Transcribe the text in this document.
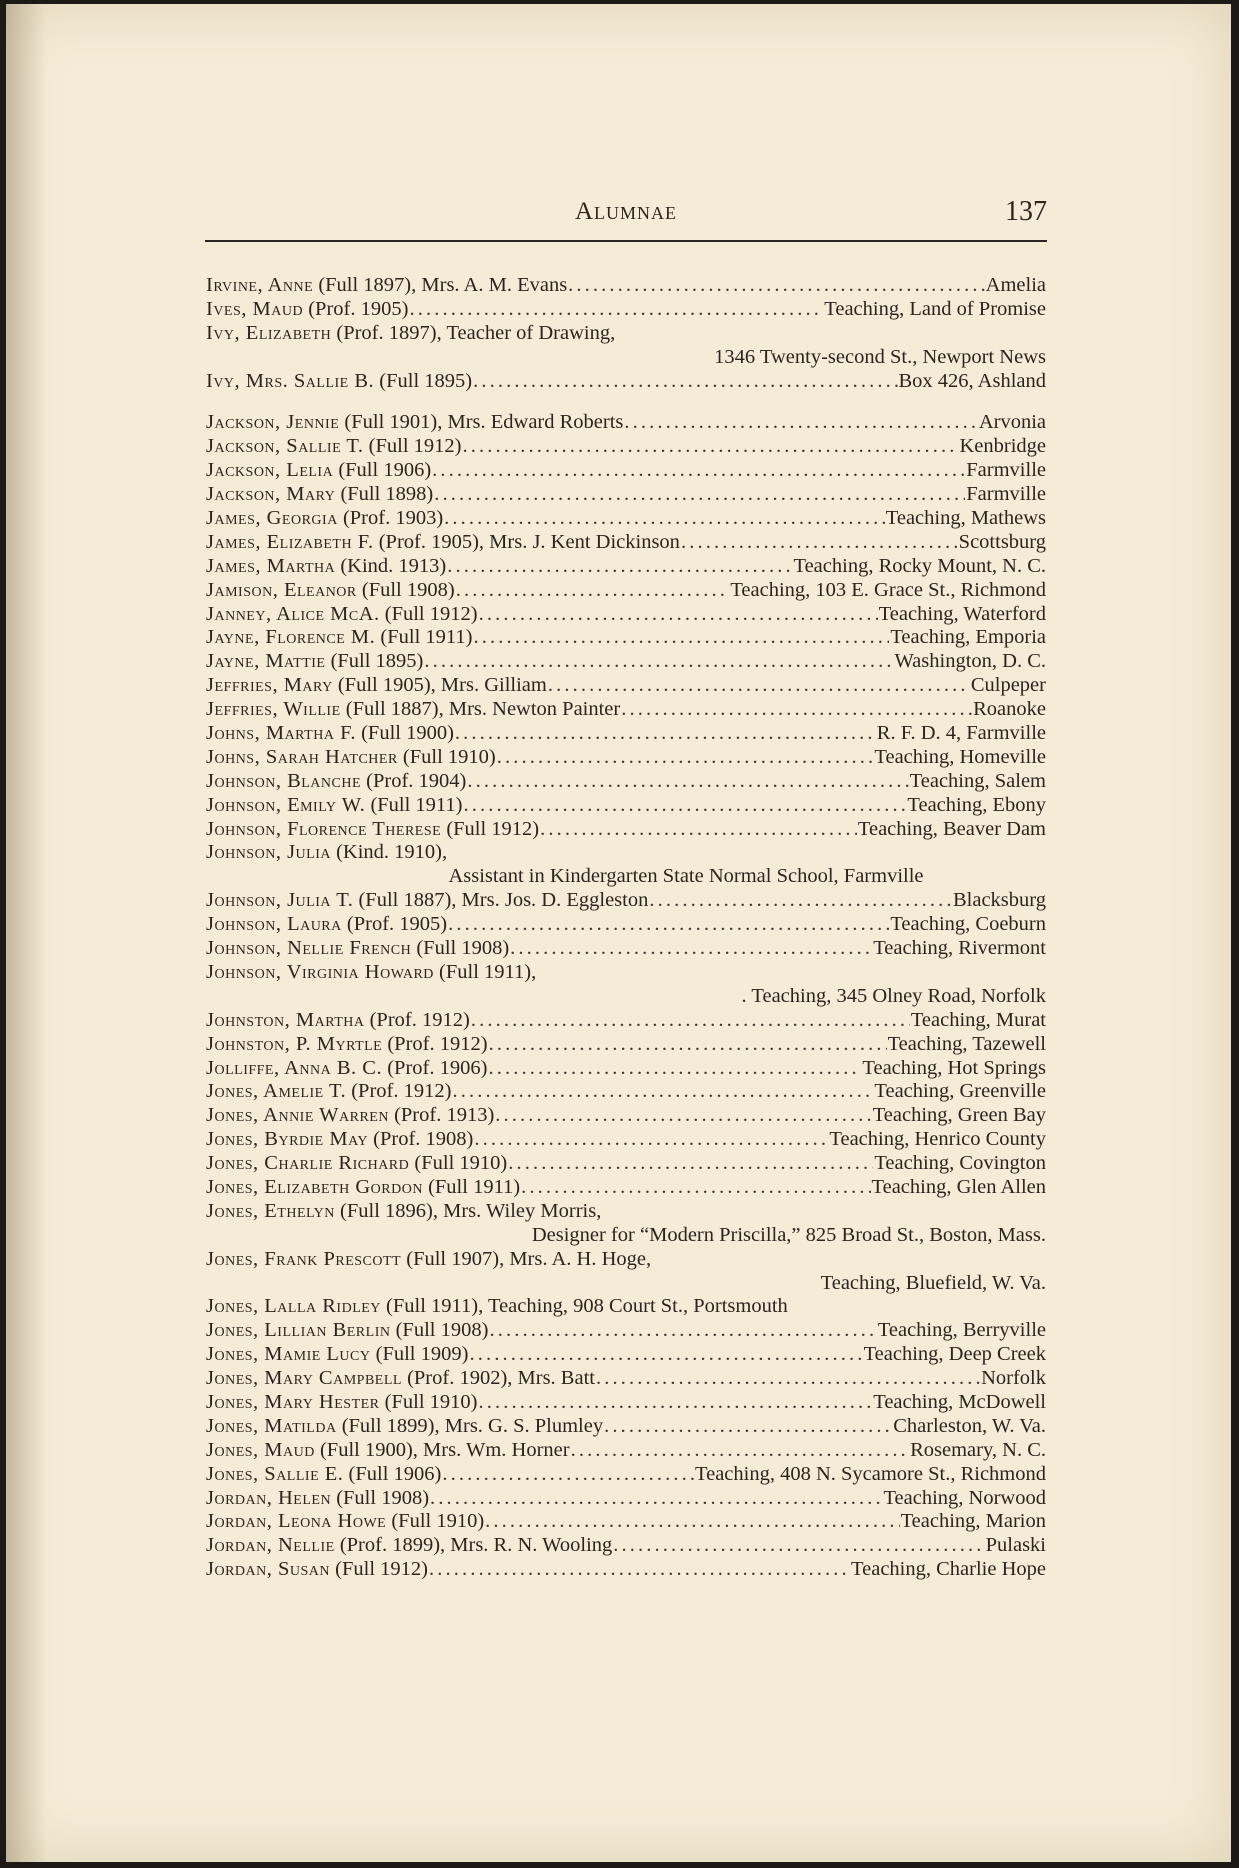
Alumnae	137
Irvine, Anne (Full 1897), Mrs. A. M. Evans . . .	Amelia
Ives, Maud (Prof. 1905) . . .	Teaching, Land of Promise
Ivy, Elizabeth (Prof. 1897), Teacher of Drawing,
1346 Twenty-second St., Newport News
Ivy, Mrs. Sallie B. (Full 1895) . . .	Box 426, Ashland
Jackson, Jennie (Full 1901), Mrs. Edward Roberts . . .	Arvonia
Jackson, Sallie T. (Full 1912) . . .	Kenbridge
Jackson, Lelia (Full 1906) . . .	Farmville
Jackson, Mary (Full 1898) . . .	Farmville
James, Georgia (Prof. 1903) . . .	Teaching, Mathews
James, Elizabeth F. (Prof. 1905), Mrs. J. Kent Dickinson . . .	Scottsburg
James, Martha (Kind. 1913) . . .	Teaching, Rocky Mount, N. C.
Jamison, Eleanor (Full 1908) . . .	Teaching, 103 E. Grace St., Richmond
Janney, Alice McA. (Full 1912) . . .	Teaching, Waterford
Jayne, Florence M. (Full 1911) . . .	Teaching, Emporia
Jayne, Mattie (Full 1895) . . .	Washington, D. C.
Jeffries, Mary (Full 1905), Mrs. Gilliam . . .	Culpeper
Jeffries, Willie (Full 1887), Mrs. Newton Painter . . .	Roanoke
Johns, Martha F. (Full 1900) . . .	R. F. D. 4, Farmville
Johns, Sarah Hatcher (Full 1910) . . .	Teaching, Homeville
Johnson, Blanche (Prof. 1904) . . .	Teaching, Salem
Johnson, Emily W. (Full 1911) . . .	Teaching, Ebony
Johnson, Florence Therese (Full 1912) . . .	Teaching, Beaver Dam
Johnson, Julia (Kind. 1910),
Assistant in Kindergarten State Normal School, Farmville
Johnson, Julia T. (Full 1887), Mrs. Jos. D. Eggleston . . .	Blacksburg
Johnson, Laura (Prof. 1905) . . .	Teaching, Coeburn
Johnson, Nellie French (Full 1908) . . .	Teaching, Rivermont
Johnson, Virginia Howard (Full 1911),
. Teaching, 345 Olney Road, Norfolk
Johnston, Martha (Prof. 1912) . . .	Teaching, Murat
Johnston, P. Myrtle (Prof. 1912) . . .	Teaching, Tazewell
Jolliffe, Anna B. C. (Prof. 1906) . . .	Teaching, Hot Springs
Jones, Amelie T. (Prof. 1912) . . .	Teaching, Greenville
Jones, Annie Warren (Prof. 1913) . . .	Teaching, Green Bay
Jones, Byrdie May (Prof. 1908) . . .	Teaching, Henrico County
Jones, Charlie Richard (Full 1910) . . .	Teaching, Covington
Jones, Elizabeth Gordon (Full 1911) . . .	Teaching, Glen Allen
Jones, Ethelyn (Full 1896), Mrs. Wiley Morris,
Designer for “Modern Priscilla,” 825 Broad St., Boston, Mass.
Jones, Frank Prescott (Full 1907), Mrs. A. H. Hoge,
Teaching, Bluefield, W. Va.
Jones, Lalla Ridley (Full 1911), Teaching, 908 Court St., Portsmouth
Jones, Lillian Berlin (Full 1908) . . .	Teaching, Berryville
Jones, Mamie Lucy (Full 1909) . . .	Teaching, Deep Creek
Jones, Mary Campbell (Prof. 1902), Mrs. Batt . . .	Norfolk
Jones, Mary Hester (Full 1910) . . .	Teaching, McDowell
Jones, Matilda (Full 1899), Mrs. G. S. Plumley . . .	Charleston, W. Va.
Jones, Maud (Full 1900), Mrs. Wm. Horner . . .	Rosemary, N. C.
Jones, Sallie E. (Full 1906) . . .	Teaching, 408 N. Sycamore St., Richmond
Jordan, Helen (Full 1908) . . .	Teaching, Norwood
Jordan, Leona Howe (Full 1910) . . .	Teaching, Marion
Jordan, Nellie (Prof. 1899), Mrs. R. N. Wooling . . .	Pulaski
Jordan, Susan (Full 1912) . . .	Teaching, Charlie Hope
